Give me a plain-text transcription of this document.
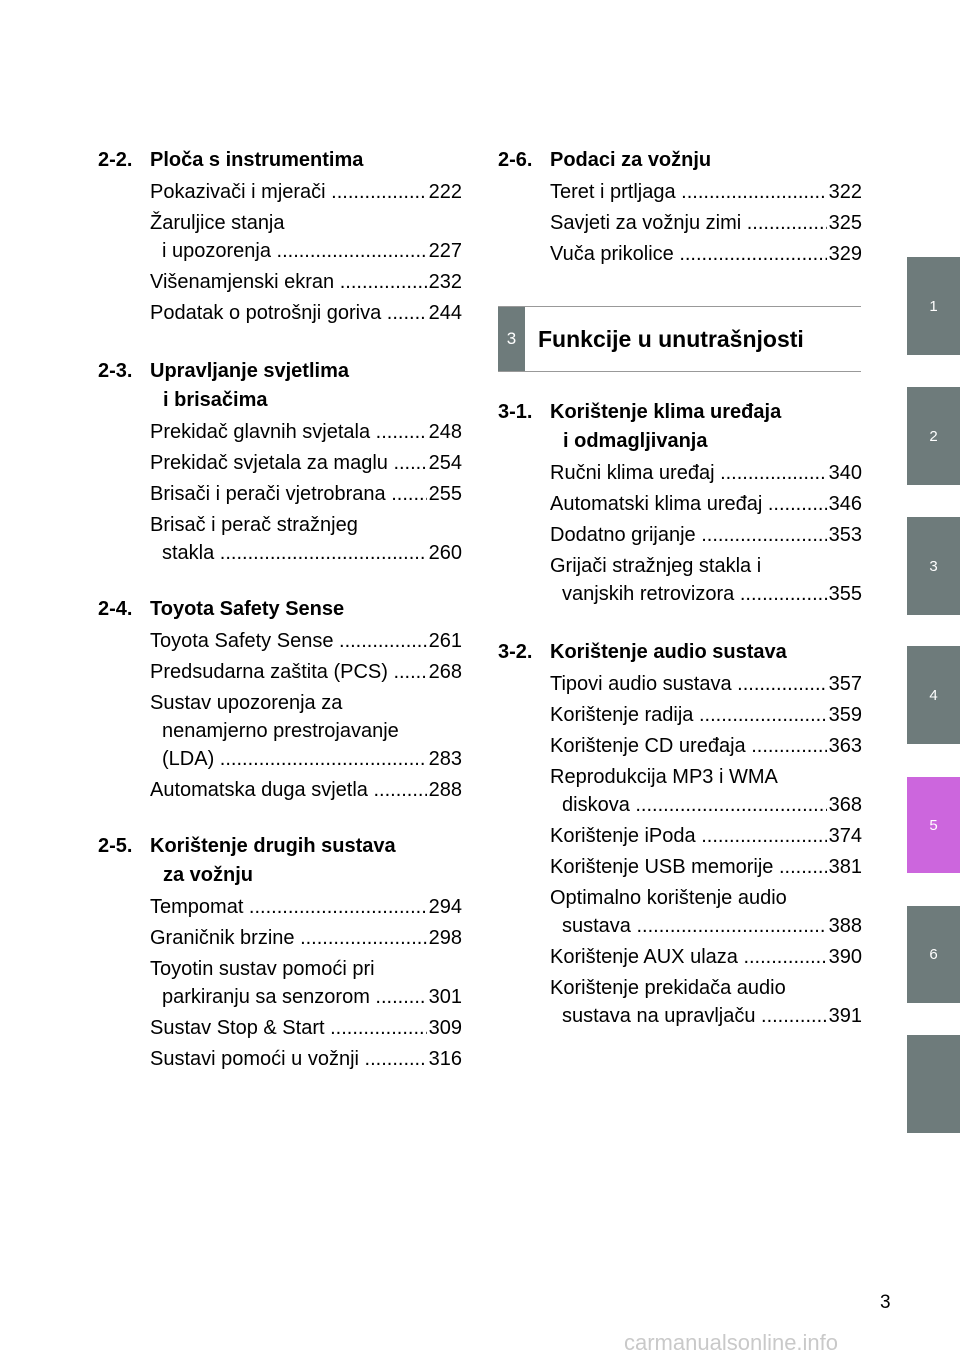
2-2. Ploča s instrumentima
Pokazivači i mjerači .....	222
Žaruljice stanja
i upozorenja .....	227
Višenamjenski ekran .....	232
Podatak o potrošnji goriva .....	244
2-3. Upravljanje svjetlima
i brisačima
Prekidač glavnih svjetala .....	248
Prekidač svjetala za maglu .....	254
Brisači i perači vjetrobrana .....	255
Brisač i perač stražnjeg
stakla .....	260
2-4. Toyota Safety Sense
Toyota Safety Sense .....	261
Predsudarna zaštita (PCS) .....	268
Sustav upozorenja za
nenamjerno prestrojavanje
(LDA) .....	283
Automatska duga svjetla .....	288
2-5. Korištenje drugih sustava
za vožnju
Tempomat .....	294
Graničnik brzine .....	298
Toyotin sustav pomoći pri
parkiranju sa senzorom .....	301
Sustav Stop & Start .....	309
Sustavi pomoći u vožnji .....	316
2-6. Podaci za vožnju
Teret i prtljaga .....	322
Savjeti za vožnju zimi .....	325
Vuča prikolice .....	329
3-1. Korištenje klima uređaja
i odmagljivanja
Ručni klima uređaj .....	340
Automatski klima uređaj .....	346
Dodatno grijanje .....	353
Grijači stražnjeg stakla i
vanjskih retrovizora .....	355
3-2. Korištenje audio sustava
Tipovi audio sustava .....	357
Korištenje radija .....	359
Korištenje CD uređaja .....	363
Reprodukcija MP3 i WMA
diskova .....	368
Korištenje iPoda .....	374
Korištenje USB memorije .....	381
Optimalno korištenje audio
sustava .....	388
Korištenje AUX ulaza .....	390
Korištenje prekidača audio
sustava na upravljaču .....	391
3 Funkcije u unutrašnjosti
1
2
3
4
5
6
3
carmanualsonline.info
